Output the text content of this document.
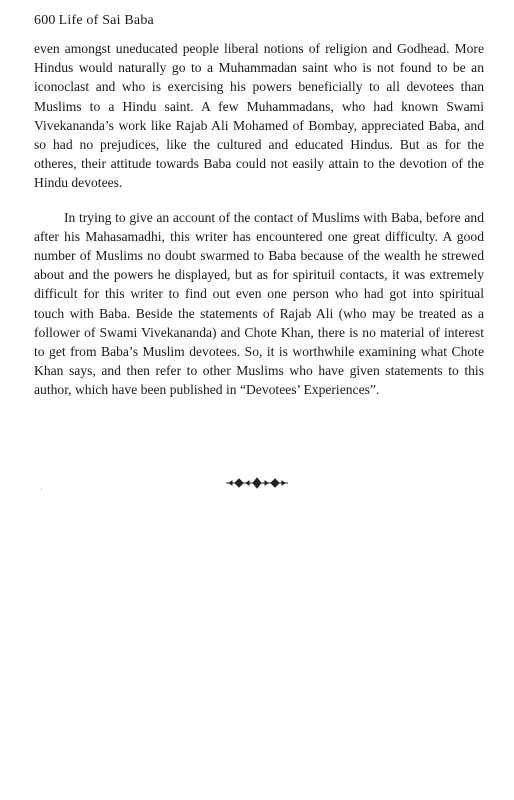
600 Life of Sai Baba

even amongst uneducated people liberal notions of religion and Godhead. More Hindus would naturally go to a Muhammadan saint who is not found to be an iconoclast and who is exercising his powers beneficially to all devotees than Muslims to a Hindu saint. A few Muhammadans, who had known Swami Vivekananda’s work like Rajab Ali Mohamed of Bombay, appreciated Baba, and so had no prejudices, like the cultured and educated Hindus. But as for the otheres, their attitude towards Baba could not easily attain to the devotion of the Hindu devotees.

In trying to give an account of the contact of Muslims with Baba, before and after his Mahasamadhi, this writer has encountered one great difficulty. A good number of Muslims no doubt swarmed to Baba because of the wealth he strewed about and the powers he displayed, but as for spirituil contacts, it was extremely difficult for this writer to find out even one person who had got into spiritual touch with Baba. Beside the statements of Rajab Ali (who may be treated as a follower of Swami Vivekananda) and Chote Khan, there is no material of interest to get from Baba’s Muslim devotees. So, it is worthwhile examining what Chote Khan says, and then refer to other Muslims who have given statements to this author, which have been published in “Devotees’ Experiences”.

·
